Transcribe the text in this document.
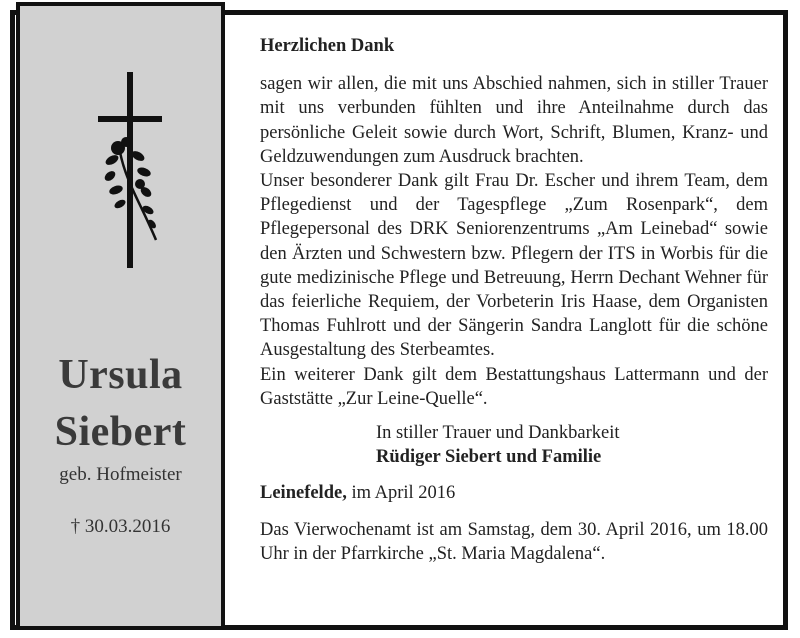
Ursula
Siebert
geb. Hofmeister
† 30.03.2016
Herzlichen Dank

sagen wir allen, die mit uns Abschied nahmen, sich in stiller Trauer mit uns verbunden fühlten und ihre Anteilnahme durch das persönliche Geleit sowie durch Wort, Schrift, Blumen, Kranz- und Geldzuwendungen zum Ausdruck brachten.

Unser besonderer Dank gilt Frau Dr. Escher und ihrem Team, dem Pflegedienst und der Tagespflege „Zum Rosenpark“, dem Pflegepersonal des DRK Seniorenzentrums „Am Leinebad“ sowie den Ärzten und Schwestern bzw. Pflegern der ITS in Worbis für die gute medizinische Pflege und Betreuung, Herrn Dechant Wehner für das feierliche Requiem, der Vorbeterin Iris Haase, dem Organisten Thomas Fuhlrott und der Sängerin Sandra Langlott für die schöne Ausgestaltung des Sterbeamtes.

Ein weiterer Dank gilt dem Bestattungshaus Lattermann und der Gaststätte „Zur Leine-Quelle“.

In stiller Trauer und Dankbarkeit
Rüdiger Siebert und Familie
Leinefelde, im April 2016

Das Vierwochenamt ist am Samstag, dem 30. April 2016, um 18.00 Uhr in der Pfarrkirche „St. Maria Magdalena“.
